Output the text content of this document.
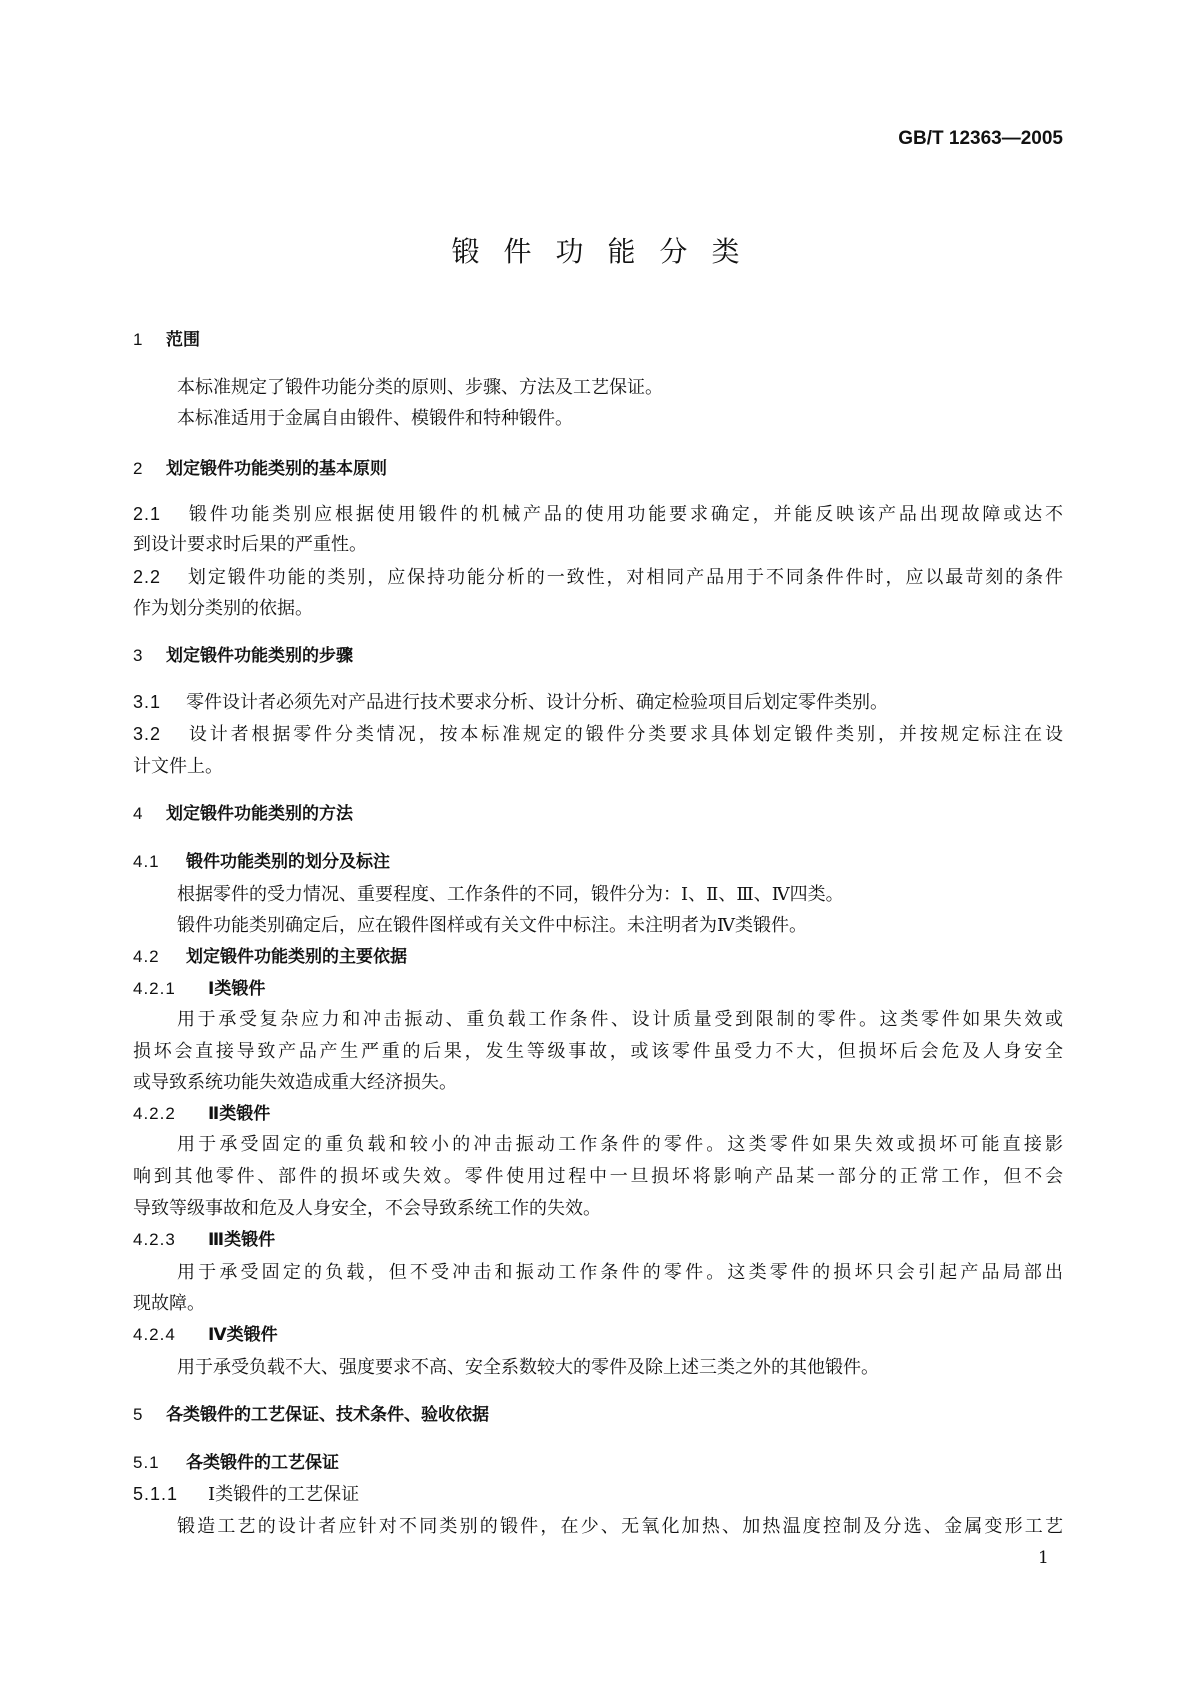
GB/T 12363—2005
锻件功能分类
1 范围
本标准规定了锻件功能分类的原则、步骤、方法及工艺保证。
本标准适用于金属自由锻件、模锻件和特种锻件。
2 划定锻件功能类别的基本原则
2.1 锻件功能类别应根据使用锻件的机械产品的使用功能要求确定，并能反映该产品出现故障或达不
到设计要求时后果的严重性。
2.2 划定锻件功能的类别，应保持功能分析的一致性，对相同产品用于不同条件件时，应以最苛刻的条件
作为划分类别的依据。
3 划定锻件功能类别的步骤
3.1 零件设计者必须先对产品进行技术要求分析、设计分析、确定检验项目后划定零件类别。
3.2 设计者根据零件分类情况，按本标准规定的锻件分类要求具体划定锻件类别，并按规定标注在设
计文件上。
4 划定锻件功能类别的方法
4.1 锻件功能类别的划分及标注
根据零件的受力情况、重要程度、工作条件的不同，锻件分为：Ⅰ、Ⅱ、Ⅲ、Ⅳ四类。
锻件功能类别确定后，应在锻件图样或有关文件中标注。未注明者为Ⅳ类锻件。
4.2 划定锻件功能类别的主要依据
4.2.1 Ⅰ类锻件
用于承受复杂应力和冲击振动、重负载工作条件、设计质量受到限制的零件。这类零件如果失效或
损坏会直接导致产品产生严重的后果，发生等级事故，或该零件虽受力不大，但损坏后会危及人身安全
或导致系统功能失效造成重大经济损失。
4.2.2 Ⅱ类锻件
用于承受固定的重负载和较小的冲击振动工作条件的零件。这类零件如果失效或损坏可能直接影
响到其他零件、部件的损坏或失效。零件使用过程中一旦损坏将影响产品某一部分的正常工作，但不会
导致等级事故和危及人身安全，不会导致系统工作的失效。
4.2.3 Ⅲ类锻件
用于承受固定的负载，但不受冲击和振动工作条件的零件。这类零件的损坏只会引起产品局部出
现故障。
4.2.4 Ⅳ类锻件
用于承受负载不大、强度要求不高、安全系数较大的零件及除上述三类之外的其他锻件。
5 各类锻件的工艺保证、技术条件、验收依据
5.1 各类锻件的工艺保证
5.1.1 Ⅰ类锻件的工艺保证
锻造工艺的设计者应针对不同类别的锻件，在少、无氧化加热、加热温度控制及分选、金属变形工艺
1
